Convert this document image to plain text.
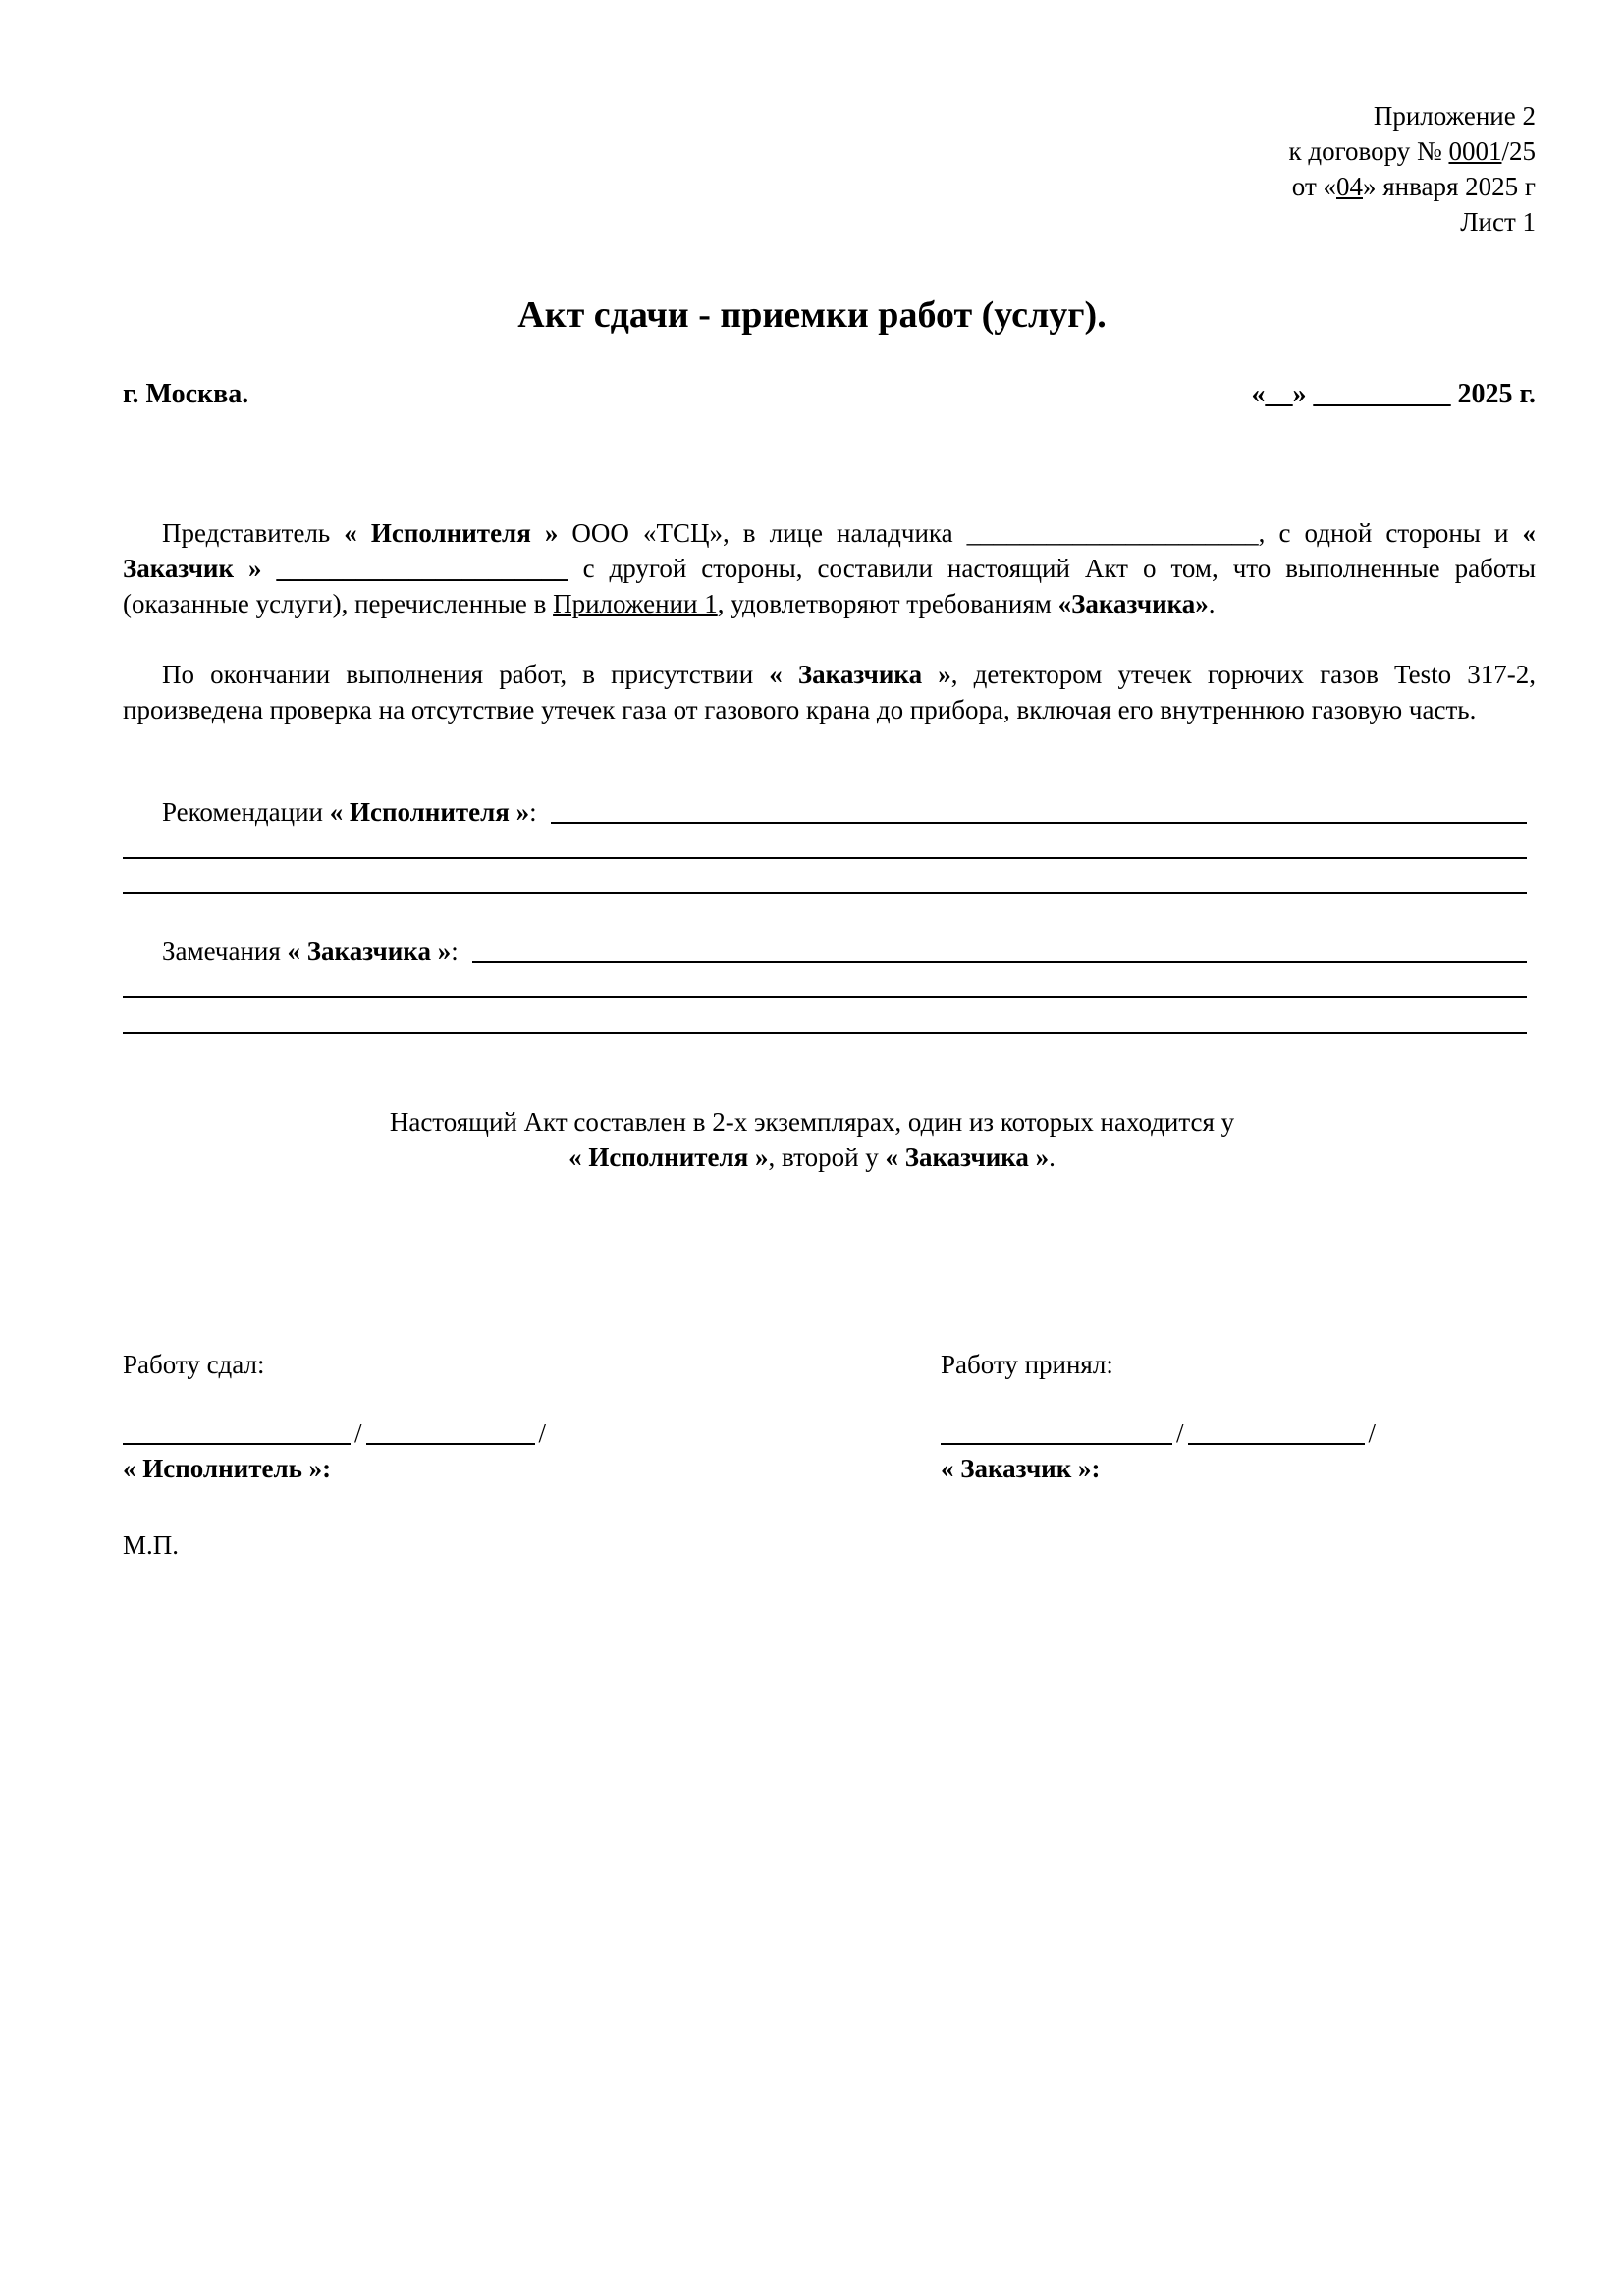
Приложение 2
к договору № 0001/25
от «04» января 2025 г
Лист 1
Акт сдачи - приемки работ (услуг).
г. Москва.	«__» __________ 2025 г.
Представитель « Исполнителя » ООО «ТСЦ», в лице наладчика ______________________, с одной стороны и « Заказчик » ______________________ с другой стороны, составили настоящий Акт о том, что выполненные работы (оказанные услуги), перечисленные в Приложении 1, удовлетворяют требованиям «Заказчика».
По окончании выполнения работ, в присутствии « Заказчика », детектором утечек горючих газов Testo 317-2, произведена проверка на отсутствие утечек газа от газового крана до прибора, включая его внутреннюю газовую часть.
Рекомендации « Исполнителя »:
Замечания « Заказчика »:
Настоящий Акт составлен в 2-х экземплярах, один из которых находится у
« Исполнителя », второй у « Заказчика ».
Работу сдал:
/	/
« Исполнитель »:
М.П.
Работу принял:
/	/
« Заказчик »:
